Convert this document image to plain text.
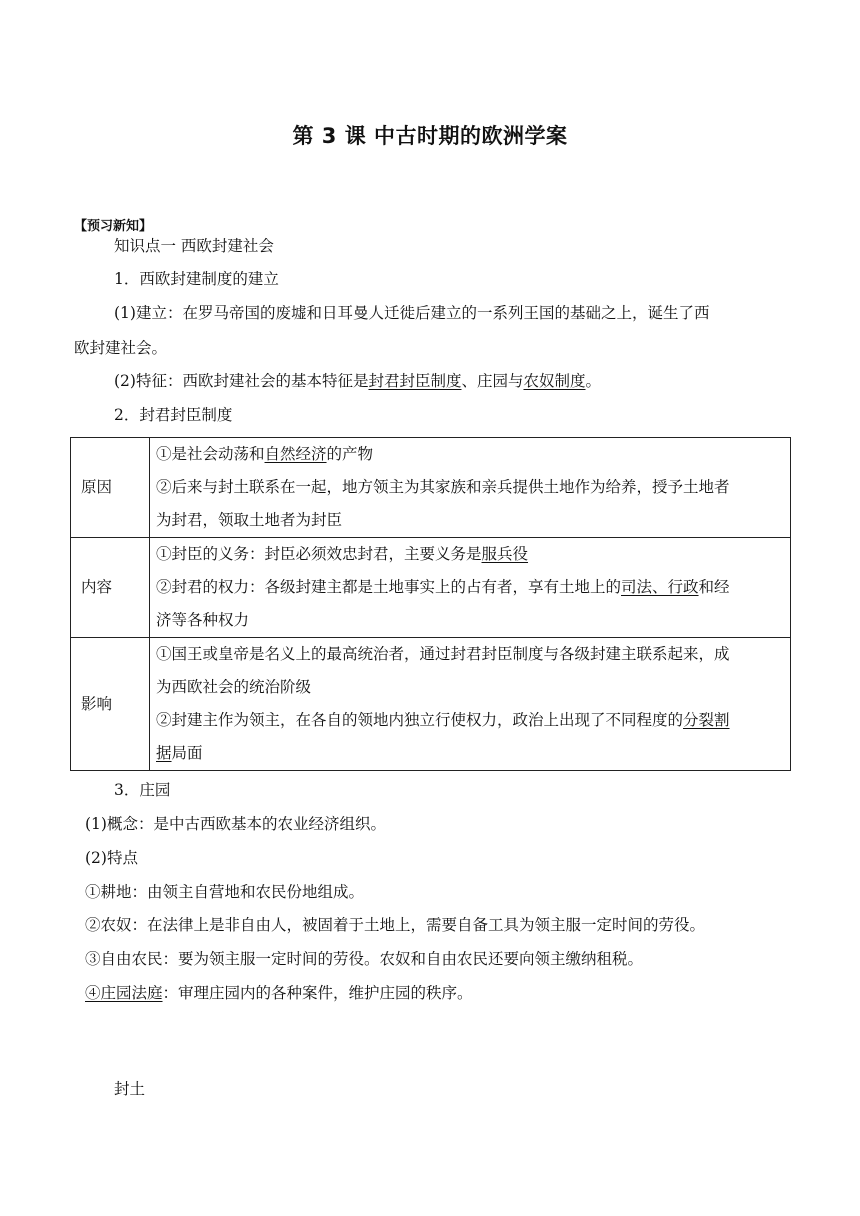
第 3 课 中古时期的欧洲学案
【预习新知】
知识点一 西欧封建社会
1．西欧封建制度的建立
(1)建立：在罗马帝国的废墟和日耳曼人迁徙后建立的一系列王国的基础之上，诞生了西
欧封建社会。
(2)特征：西欧封建社会的基本特征是封君封臣制度、庄园与农奴制度。
2．封君封臣制度
原因	①是社会动荡和自然经济的产物
②后来与封土联系在一起，地方领主为其家族和亲兵提供土地作为给养，授予土地者
为封君，领取土地者为封臣

内容	①封臣的义务：封臣必须效忠封君，主要义务是服兵役
②封君的权力：各级封建主都是土地事实上的占有者，享有土地上的司法、行政和经
济等各种权力

影响	①国王或皇帝是名义上的最高统治者，通过封君封臣制度与各级封建主联系起来，成
为西欧社会的统治阶级
②封建主作为领主，在各自的领地内独立行使权力，政治上出现了不同程度的分裂割
据局面
3．庄园
(1)概念：是中古西欧基本的农业经济组织。
(2)特点
①耕地：由领主自营地和农民份地组成。
②农奴：在法律上是非自由人，被固着于土地上，需要自备工具为领主服一定时间的劳役。
③自由农民：要为领主服一定时间的劳役。农奴和自由农民还要向领主缴纳租税。
④庄园法庭：审理庄园内的各种案件，维护庄园的秩序。
封土
